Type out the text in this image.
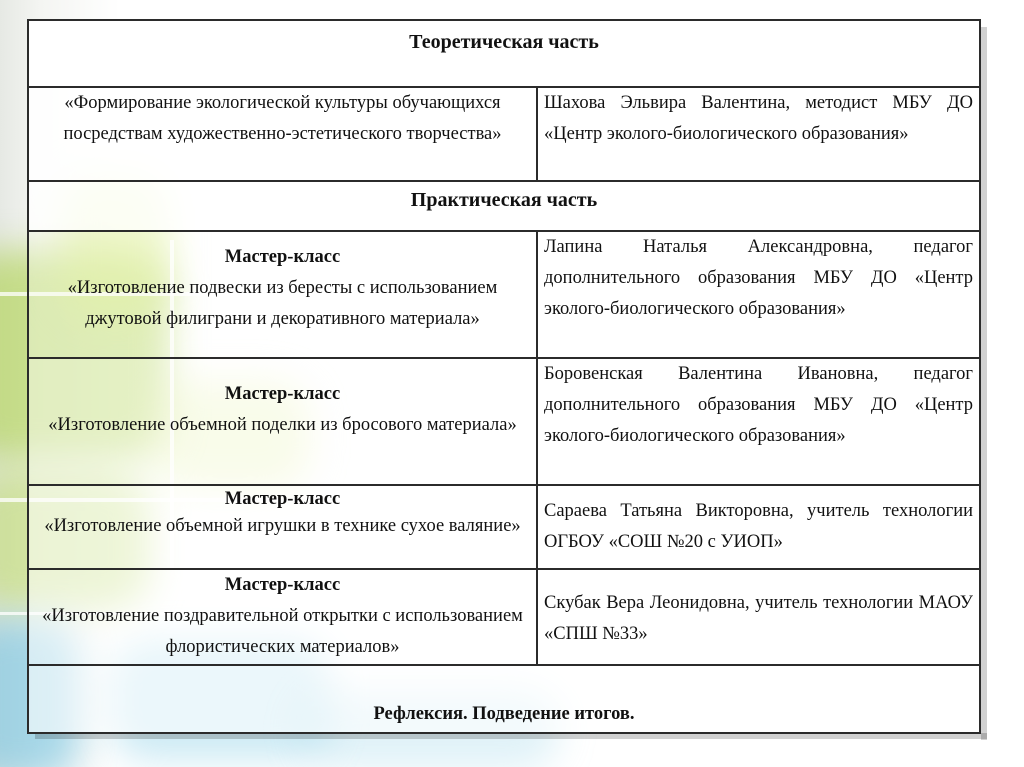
Теоретическая часть	
«Формирование экологической культуры обучающихся посредствам художественно-эстетического творчества»	Шахова Эльвира Валентина, методист МБУ ДО «Центр эколого-биологического образования»
Практическая часть	

Мастер-класс
«Изготовление подвески из бересты с использованием джутовой филиграни и декоративного материала»	Лапина Наталья Александровна, педагог дополнительного образования МБУ ДО «Центр эколого-биологического образования»

Мастер-класс
«Изготовление объемной поделки из бросового материала»	Боровенская Валентина Ивановна, педагог дополнительного образования МБУ ДО «Центр эколого-биологического образования»

Мастер-класс
«Изготовление объемной игрушки в технике сухое валяние»	Сараева Татьяна Викторовна, учитель технологии ОГБОУ «СОШ №20 с УИОП»

Мастер-класс
«Изготовление поздравительной открытки с использованием флористических материалов»	Скубак Вера Леонидовна, учитель технологии МАОУ «СПШ №33»
Рефлексия. Подведение итогов.	
